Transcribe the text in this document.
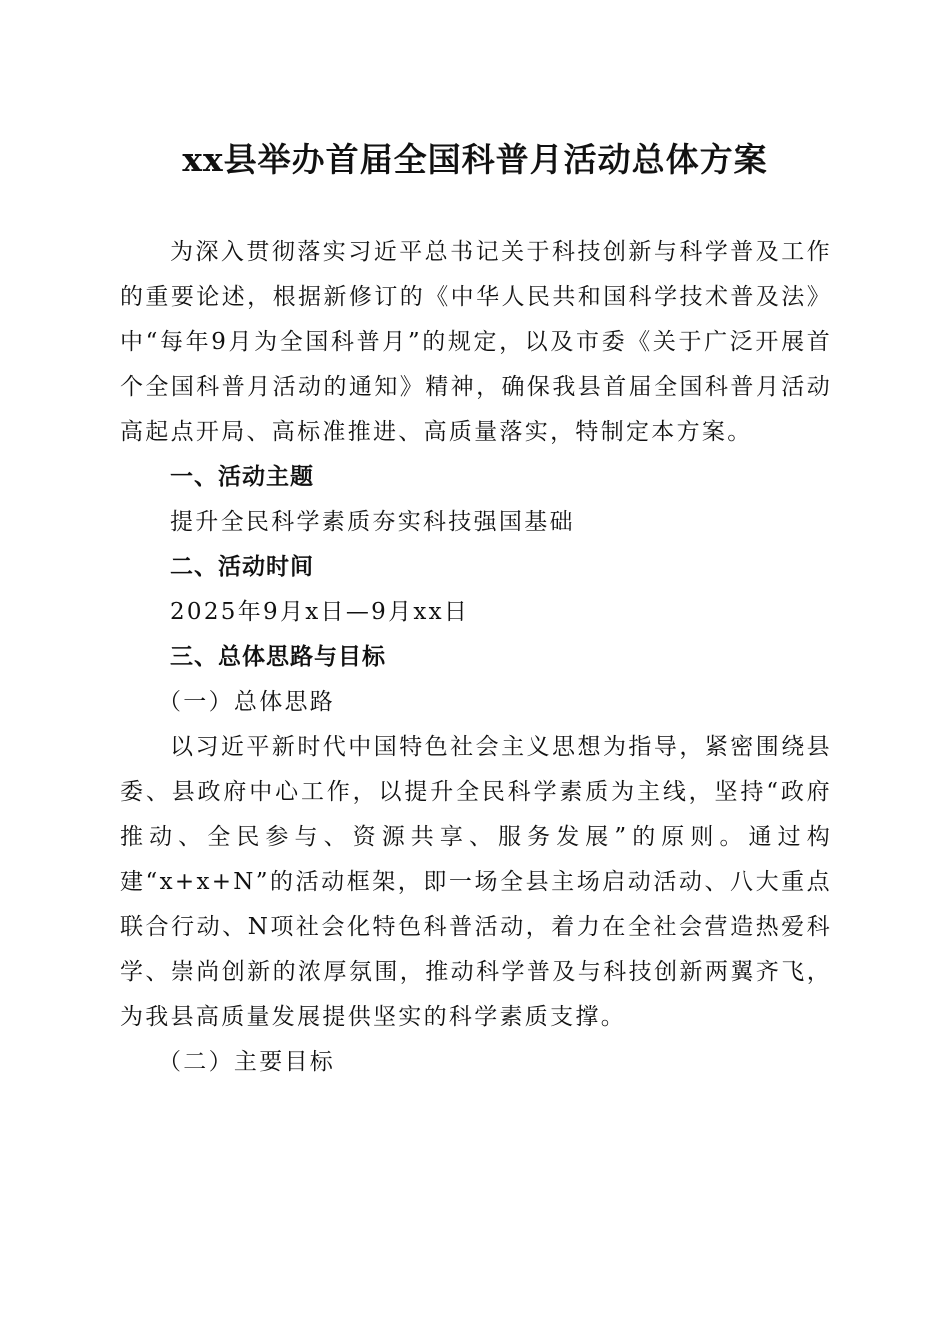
xx县举办首届全国科普月活动总体方案

为深入贯彻落实习近平总书记关于科技创新与科学普及工作的重要论述，根据新修订的《中华人民共和国科学技术普及法》中“每年9月为全国科普月”的规定，以及市委《关于广泛开展首个全国科普月活动的通知》精神，确保我县首届全国科普月活动高起点开局、高标准推进、高质量落实，特制定本方案。

一、活动主题

提升全民科学素质夯实科技强国基础

二、活动时间

2025年9月x日—9月xx日

三、总体思路与目标

（一）总体思路

以习近平新时代中国特色社会主义思想为指导，紧密围绕县委、县政府中心工作，以提升全民科学素质为主线，坚持“政府推动、全民参与、资源共享、服务发展”的原则。通过构建“x+x+N”的活动框架，即一场全县主场启动活动、八大重点联合行动、N项社会化特色科普活动，着力在全社会营造热爱科学、崇尚创新的浓厚氛围，推动科学普及与科技创新两翼齐飞，为我县高质量发展提供坚实的科学素质支撑。

（二）主要目标
